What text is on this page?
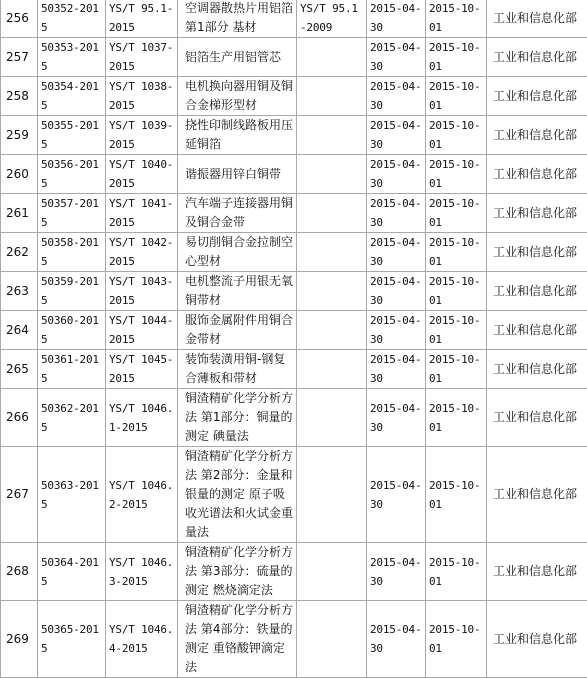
256	50352-2015	YS/T 95.1-2015	空调器散热片用铝箔第1部分 基材	YS/T 95.1-2009	2015-04-30	2015-10-01	工业和信息化部
257	50353-2015	YS/T 1037-2015	铝箔生产用铝管芯		2015-04-30	2015-10-01	工业和信息化部
258	50354-2015	YS/T 1038-2015	电机换向器用铜及铜合金梯形型材		2015-04-30	2015-10-01	工业和信息化部
259	50355-2015	YS/T 1039-2015	挠性印制线路板用压延铜箔		2015-04-30	2015-10-01	工业和信息化部
260	50356-2015	YS/T 1040-2015	谐振器用锌白铜带		2015-04-30	2015-10-01	工业和信息化部
261	50357-2015	YS/T 1041-2015	汽车端子连接器用铜及铜合金带		2015-04-30	2015-10-01	工业和信息化部
262	50358-2015	YS/T 1042-2015	易切削铜合金拉制空心型材		2015-04-30	2015-10-01	工业和信息化部
263	50359-2015	YS/T 1043-2015	电机整流子用银无氧铜带材		2015-04-30	2015-10-01	工业和信息化部
264	50360-2015	YS/T 1044-2015	服饰金属附件用铜合金带材		2015-04-30	2015-10-01	工业和信息化部
265	50361-2015	YS/T 1045-2015	装饰装潢用铜-钢复合薄板和带材		2015-04-30	2015-10-01	工业和信息化部
266	50362-2015	YS/T 1046.1-2015	铜渣精矿化学分析方法 第1部分：铜量的测定 碘量法		2015-04-30	2015-10-01	工业和信息化部
267	50363-2015	YS/T 1046.2-2015	铜渣精矿化学分析方法 第2部分：金量和银量的测定 原子吸收光谱法和火试金重量法		2015-04-30	2015-10-01	工业和信息化部
268	50364-2015	YS/T 1046.3-2015	铜渣精矿化学分析方法 第3部分：硫量的测定 燃烧滴定法		2015-04-30	2015-10-01	工业和信息化部
269	50365-2015	YS/T 1046.4-2015	铜渣精矿化学分析方法 第4部分：铁量的测定 重铬酸钾滴定法		2015-04-30	2015-10-01	工业和信息化部
